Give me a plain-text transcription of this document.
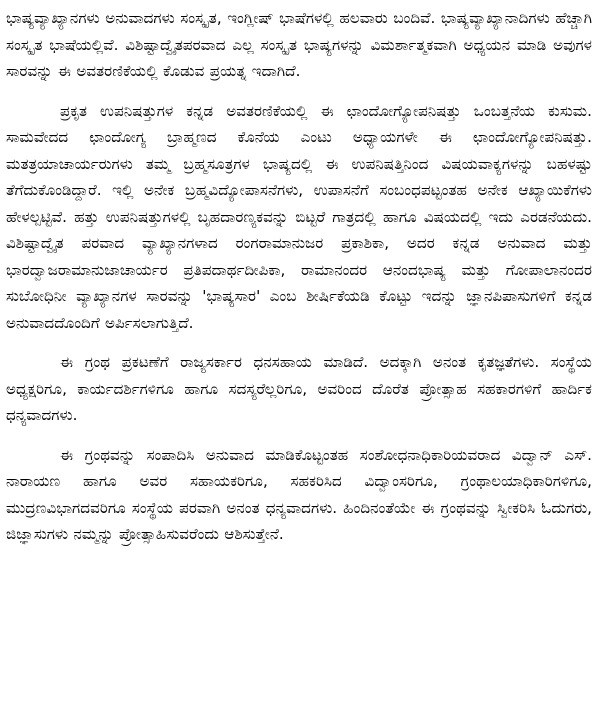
ಭಾಷ್ಯವ್ಯಾಖ್ಯಾನಗಳು ಅನುವಾದಗಳು ಸಂಸ್ಕೃತ, ಇಂಗ್ಲೀಷ್ ಭಾಷೆಗಳಲ್ಲಿ ಹಲವಾರು ಬಂದಿವೆ. ಭಾಷ್ಯವ್ಯಾಖ್ಯಾನಾದಿಗಳು ಹೆಚ್ಚಾಗಿ ಸಂಸ್ಕೃತ ಭಾಷೆಯಲ್ಲಿವೆ. ವಿಶಿಷ್ಟಾದ್ವೈತಪರವಾದ ಎಲ್ಲ ಸಂಸ್ಕೃತ ಭಾಷ್ಯಗಳನ್ನು ವಿಮರ್ಶಾತ್ಮಕವಾಗಿ ಅಧ್ಯಯನ ಮಾಡಿ ಅವುಗಳ ಸಾರವನ್ನು ಈ ಅವತರಣಿಕೆಯಲ್ಲಿ ಕೊಡುವ ಪ್ರಯತ್ನ ಇದಾಗಿದೆ.

ಪ್ರಕೃತ ಉಪನಿಷತ್ತುಗಳ ಕನ್ನಡ ಅವತರಣಿಕೆಯಲ್ಲಿ ಈ ಛಾಂದೋಗ್ಯೋಪನಿಷತ್ತು ಒಂಬತ್ತನೆಯ ಕುಸುಮ. ಸಾಮವೇದದ ಛಾಂದೋಗ್ಯ ಬ್ರಾಹ್ಮಣದ ಕೊನೆಯ ಎಂಟು ಅಧ್ಯಾಯಗಳೇ ಈ ಛಾಂದೋಗ್ಯೋಪನಿಷತ್ತು. ಮತತ್ರಯಾಚಾರ್ಯರುಗಳು ತಮ್ಮ ಬ್ರಹ್ಮಸೂತ್ರಗಳ ಭಾಷ್ಯದಲ್ಲಿ ಈ ಉಪನಿಷತ್ತಿನಿಂದ ವಿಷಯವಾಕ್ಯಗಳನ್ನು ಬಹಳಷ್ಟು ತೆಗೆದುಕೊಂಡಿದ್ದಾರೆ. ಇಲ್ಲಿ ಅನೇಕ ಬ್ರಹ್ಮವಿದ್ಯೋಪಾಸನೆಗಳು, ಉಪಾಸನೆಗೆ ಸಂಬಂಧಪಟ್ಟಂತಹ ಅನೇಕ ಆಖ್ಯಾಯಿಕೆಗಳು ಹೇಳಲ್ಪಟ್ಟಿವೆ. ಹತ್ತು ಉಪನಿಷತ್ತುಗಳಲ್ಲಿ ಬೃಹದಾರಣ್ಯಕವನ್ನು ಬಿಟ್ಟರೆ ಗಾತ್ರದಲ್ಲಿ ಹಾಗೂ ವಿಷಯದಲ್ಲಿ ಇದು ಎರಡನೆಯದು. ವಿಶಿಷ್ಟಾದ್ವೈತ ಪರವಾದ ವ್ಯಾಖ್ಯಾನಗಳಾದ ರಂಗರಾಮಾನುಜರ ಪ್ರಕಾಶಿಕಾ, ಅದರ ಕನ್ನಡ ಅನುವಾದ ಮತ್ತು ಭಾರದ್ವಾಜರಾಮಾನುಜಾಚಾರ್ಯರ ಪ್ರತಿಪದಾರ್ಥದೀಪಿಕಾ, ರಾಮಾನಂದರ ಆನಂದಭಾಷ್ಯ ಮತ್ತು ಗೋಪಾಲಾನಂದರ ಸುಬೋಧಿನೀ ವ್ಯಾಖ್ಯಾನಗಳ ಸಾರವನ್ನು 'ಭಾಷ್ಯಸಾರ' ಎಂಬ ಶೀರ್ಷಿಕೆಯಡಿ ಕೊಟ್ಟು ಇದನ್ನು ಜ್ಞಾನಪಿಪಾಸುಗಳಿಗೆ ಕನ್ನಡ ಅನುವಾದದೊಂದಿಗೆ ಅರ್ಪಿಸಲಾಗುತ್ತಿದೆ.

ಈ ಗ್ರಂಥ ಪ್ರಕಟಣೆಗೆ ರಾಜ್ಯಸರ್ಕಾರ ಧನಸಹಾಯ ಮಾಡಿದೆ. ಅದಕ್ಕಾಗಿ ಅನಂತ ಕೃತಜ್ಞತೆಗಳು. ಸಂಸ್ಥೆಯ ಅಧ್ಯಕ್ಷರಿಗೂ, ಕಾರ್ಯದರ್ಶಿಗಳಿಗೂ ಹಾಗೂ ಸದಸ್ಯರೆಲ್ಲರಿಗೂ, ಅವರಿಂದ ದೊರೆತ ಪ್ರೋತ್ಸಾಹ ಸಹಕಾರಗಳಿಗೆ ಹಾರ್ದಿಕ ಧನ್ಯವಾದಗಳು.

ಈ ಗ್ರಂಥವನ್ನು ಸಂಪಾದಿಸಿ ಅನುವಾದ ಮಾಡಿಕೊಟ್ಟಂತಹ ಸಂಶೋಧನಾಧಿಕಾರಿಯವರಾದ ವಿದ್ವಾನ್ ಎಸ್. ನಾರಾಯಣ ಹಾಗೂ ಅವರ ಸಹಾಯಕರಿಗೂ, ಸಹಕರಿಸಿದ ವಿದ್ವಾಂಸರಿಗೂ, ಗ್ರಂಥಾಲಯಾಧಿಕಾರಿಗಳಿಗೂ, ಮುದ್ರಣವಿಭಾಗದವರಿಗೂ ಸಂಸ್ಥೆಯ ಪರವಾಗಿ ಅನಂತ ಧನ್ಯವಾದಗಳು. ಹಿಂದಿನಂತೆಯೇ ಈ ಗ್ರಂಥವನ್ನು ಸ್ವೀಕರಿಸಿ ಓದುಗರು, ಜಿಜ್ಞಾಸುಗಳು ನಮ್ಮನ್ನು ಪ್ರೋತ್ಸಾಹಿಸುವರೆಂದು ಆಶಿಸುತ್ತೇನೆ.
